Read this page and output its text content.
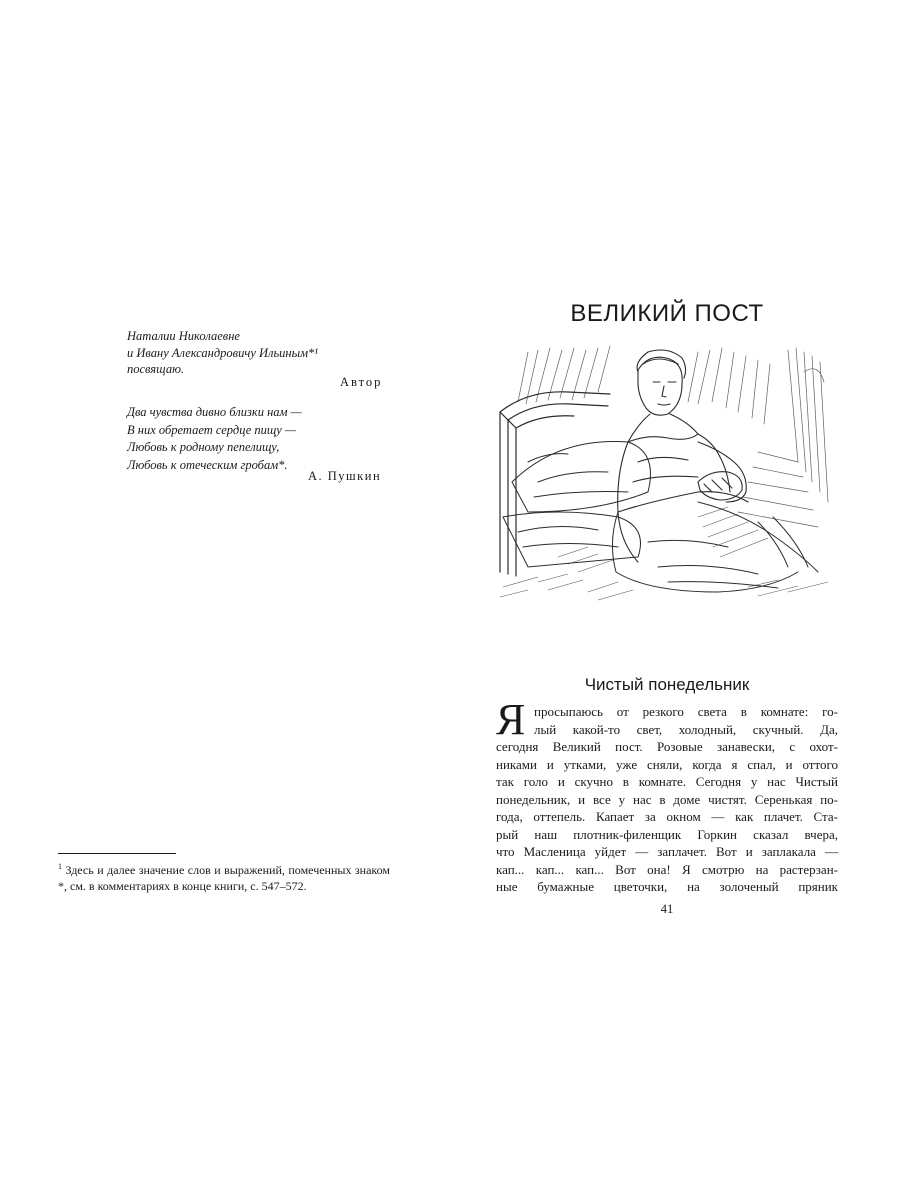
Наталии Николаевне
и Ивану Александровичу Ильиным*¹
посвящаю.
Автор
Два чувства дивно близки нам —
В них обретает сердце пищу —
Любовь к родному пепелищу,
Любовь к отеческим гробам*.
А. Пушкин
$^1$ Здесь и далее значение слов и выражений, помеченных знаком *, см. в комментариях в конце книги, с. 547–572.
ВЕЛИКИЙ ПОСТ
Чистый понедельник
Я просыпаюсь от резкого света в комнате: го-
лый какой-то свет, холодный, скучный. Да,
сегодня Великий пост. Розовые занавески, с охот-
никами и утками, уже сняли, когда я спал, и оттого
так голо и скучно в комнате. Сегодня у нас Чистый
понедельник, и все у нас в доме чистят. Серенькая по-
года, оттепель. Капает за окном — как плачет. Ста-
рый наш плотник-филенщик Горкин сказал вчера,
что Масленица уйдет — заплачет. Вот и заплакала —
кап... кап... кап... Вот она! Я смотрю на растерзан-
ные бумажные цветочки, на золоченый пряник
41
